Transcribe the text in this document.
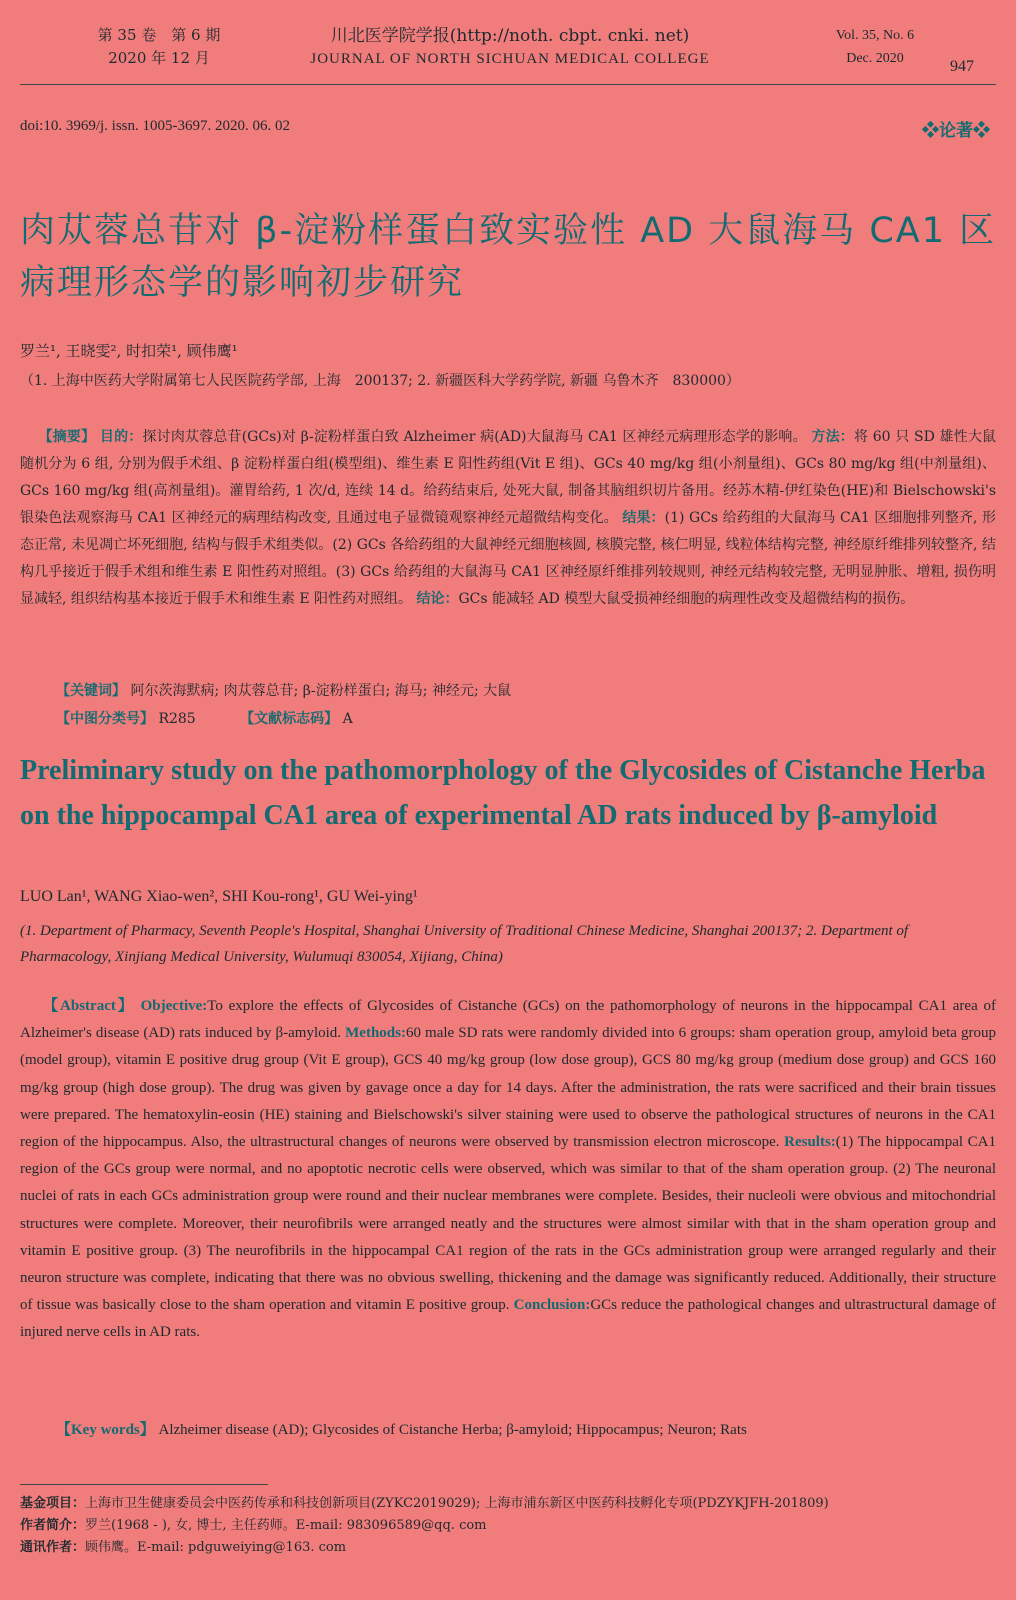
第 35 卷　第 6 期
2020 年 12 月
川北医学院学报(http://noth. cbpt. cnki. net)
JOURNAL OF NORTH SICHUAN MEDICAL COLLEGE
Vol. 35, No. 6
Dec. 2020	947
doi:10. 3969/j. issn. 1005-3697. 2020. 06. 02	❖论著❖
肉苁蓉总苷对 β-淀粉样蛋白致实验性 AD 大鼠海马 CA1 区病理形态学的影响初步研究
罗兰¹, 王晓雯², 时扣荣¹, 顾伟鹰¹
（1. 上海中医药大学附属第七人民医院药学部, 上海　200137; 2. 新疆医科大学药学院, 新疆 乌鲁木齐　830000）
【摘要】 目的：探讨肉苁蓉总苷(GCs)对 β-淀粉样蛋白致 Alzheimer 病(AD)大鼠海马 CA1 区神经元病理形态学的影响。 方法：将 60 只 SD 雄性大鼠随机分为 6 组, 分别为假手术组、β 淀粉样蛋白组(模型组)、维生素 E 阳性药组(Vit E 组)、GCs 40 mg/kg 组(小剂量组)、GCs 80 mg/kg 组(中剂量组)、GCs 160 mg/kg 组(高剂量组)。灌胃给药, 1 次/d, 连续 14 d。给药结束后, 处死大鼠, 制备其脑组织切片备用。经苏木精-伊红染色(HE)和 Bielschowski's 银染色法观察海马 CA1 区神经元的病理结构改变, 且通过电子显微镜观察神经元超微结构变化。 结果：(1) GCs 给药组的大鼠海马 CA1 区细胞排列整齐, 形态正常, 未见凋亡坏死细胞, 结构与假手术组类似。(2) GCs 各给药组的大鼠神经元细胞核圆, 核膜完整, 核仁明显, 线粒体结构完整, 神经原纤维排列较整齐, 结构几乎接近于假手术组和维生素 E 阳性药对照组。(3) GCs 给药组的大鼠海马 CA1 区神经原纤维排列较规则, 神经元结构较完整, 无明显肿胀、增粗, 损伤明显减轻, 组织结构基本接近于假手术和维生素 E 阳性药对照组。 结论：GCs 能减轻 AD 模型大鼠受损神经细胞的病理性改变及超微结构的损伤。
【关键词】 阿尔茨海默病; 肉苁蓉总苷; β-淀粉样蛋白; 海马; 神经元; 大鼠
【中图分类号】 R285	【文献标志码】 A
Preliminary study on the pathomorphology of the Glycosides of Cistanche Herba on the hippocampal CA1 area of experimental AD rats induced by β-amyloid
LUO Lan¹, WANG Xiao-wen², SHI Kou-rong¹, GU Wei-ying¹
(1. Department of Pharmacy, Seventh People's Hospital, Shanghai University of Traditional Chinese Medicine, Shanghai 200137; 2. Department of Pharmacology, Xinjiang Medical University, Wulumuqi 830054, Xijiang, China)
【Abstract】 Objective:To explore the effects of Glycosides of Cistanche (GCs) on the pathomorphology of neurons in the hippocampal CA1 area of Alzheimer's disease (AD) rats induced by β-amyloid. Methods:60 male SD rats were randomly divided into 6 groups: sham operation group, amyloid beta group (model group), vitamin E positive drug group (Vit E group), GCS 40 mg/kg group (low dose group), GCS 80 mg/kg group (medium dose group) and GCS 160 mg/kg group (high dose group). The drug was given by gavage once a day for 14 days. After the administration, the rats were sacrificed and their brain tissues were prepared. The hematoxylin-eosin (HE) staining and Bielschowski's silver staining were used to observe the pathological structures of neurons in the CA1 region of the hippocampus. Also, the ultrastructural changes of neurons were observed by transmission electron microscope. Results:(1) The hippocampal CA1 region of the GCs group were normal, and no apoptotic necrotic cells were observed, which was similar to that of the sham operation group. (2) The neuronal nuclei of rats in each GCs administration group were round and their nuclear membranes were complete. Besides, their nucleoli were obvious and mitochondrial structures were complete. Moreover, their neurofibrils were arranged neatly and the structures were almost similar with that in the sham operation group and vitamin E positive group. (3) The neurofibrils in the hippocampal CA1 region of the rats in the GCs administration group were arranged regularly and their neuron structure was complete, indicating that there was no obvious swelling, thickening and the damage was significantly reduced. Additionally, their structure of tissue was basically close to the sham operation and vitamin E positive group. Conclusion:GCs reduce the pathological changes and ultrastructural damage of injured nerve cells in AD rats.
【Key words】 Alzheimer disease (AD); Glycosides of Cistanche Herba; β-amyloid; Hippocampus; Neuron; Rats
基金项目：上海市卫生健康委员会中医药传承和科技创新项目(ZYKC2019029); 上海市浦东新区中医药科技孵化专项(PDZYKJFH-201809)
作者简介：罗兰(1968 - ), 女, 博士, 主任药师。E-mail: 983096589@qq. com
通讯作者：顾伟鹰。E-mail: pdguweiying@163. com
